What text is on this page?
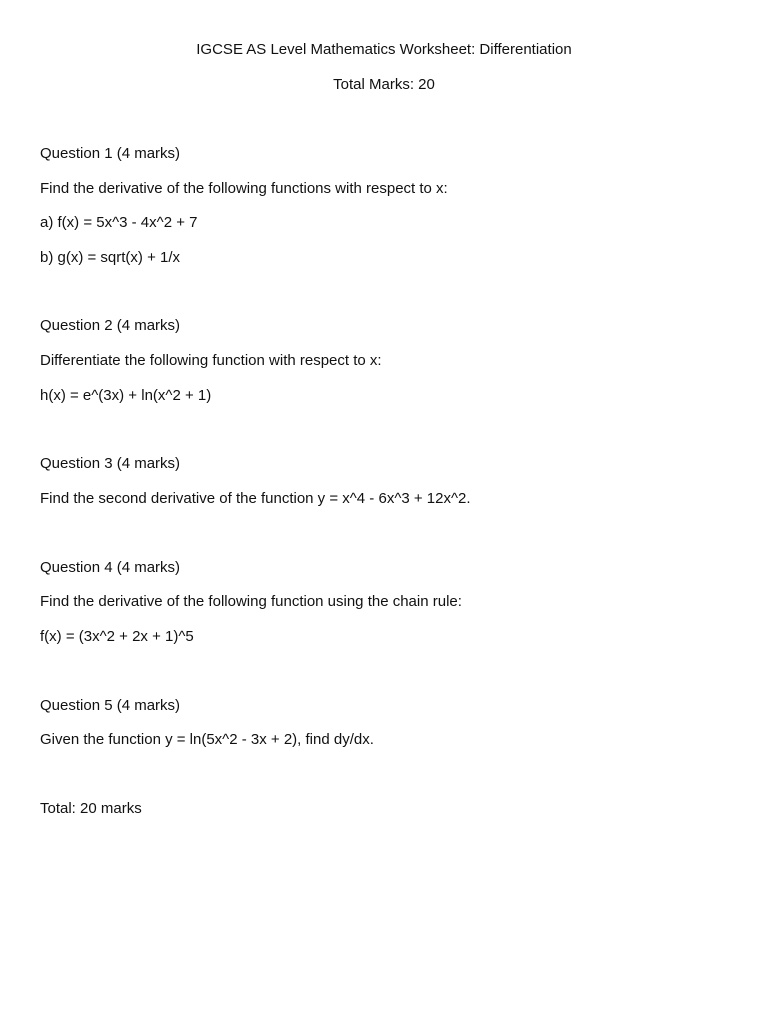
IGCSE AS Level Mathematics Worksheet: Differentiation
Total Marks: 20
Question 1 (4 marks)
Find the derivative of the following functions with respect to x:
a) f(x) = 5x^3 - 4x^2 + 7
b) g(x) = sqrt(x) + 1/x
Question 2 (4 marks)
Differentiate the following function with respect to x:
h(x) = e^(3x) + ln(x^2 + 1)
Question 3 (4 marks)
Find the second derivative of the function y = x^4 - 6x^3 + 12x^2.
Question 4 (4 marks)
Find the derivative of the following function using the chain rule:
f(x) = (3x^2 + 2x + 1)^5
Question 5 (4 marks)
Given the function y = ln(5x^2 - 3x + 2), find dy/dx.
Total: 20 marks
